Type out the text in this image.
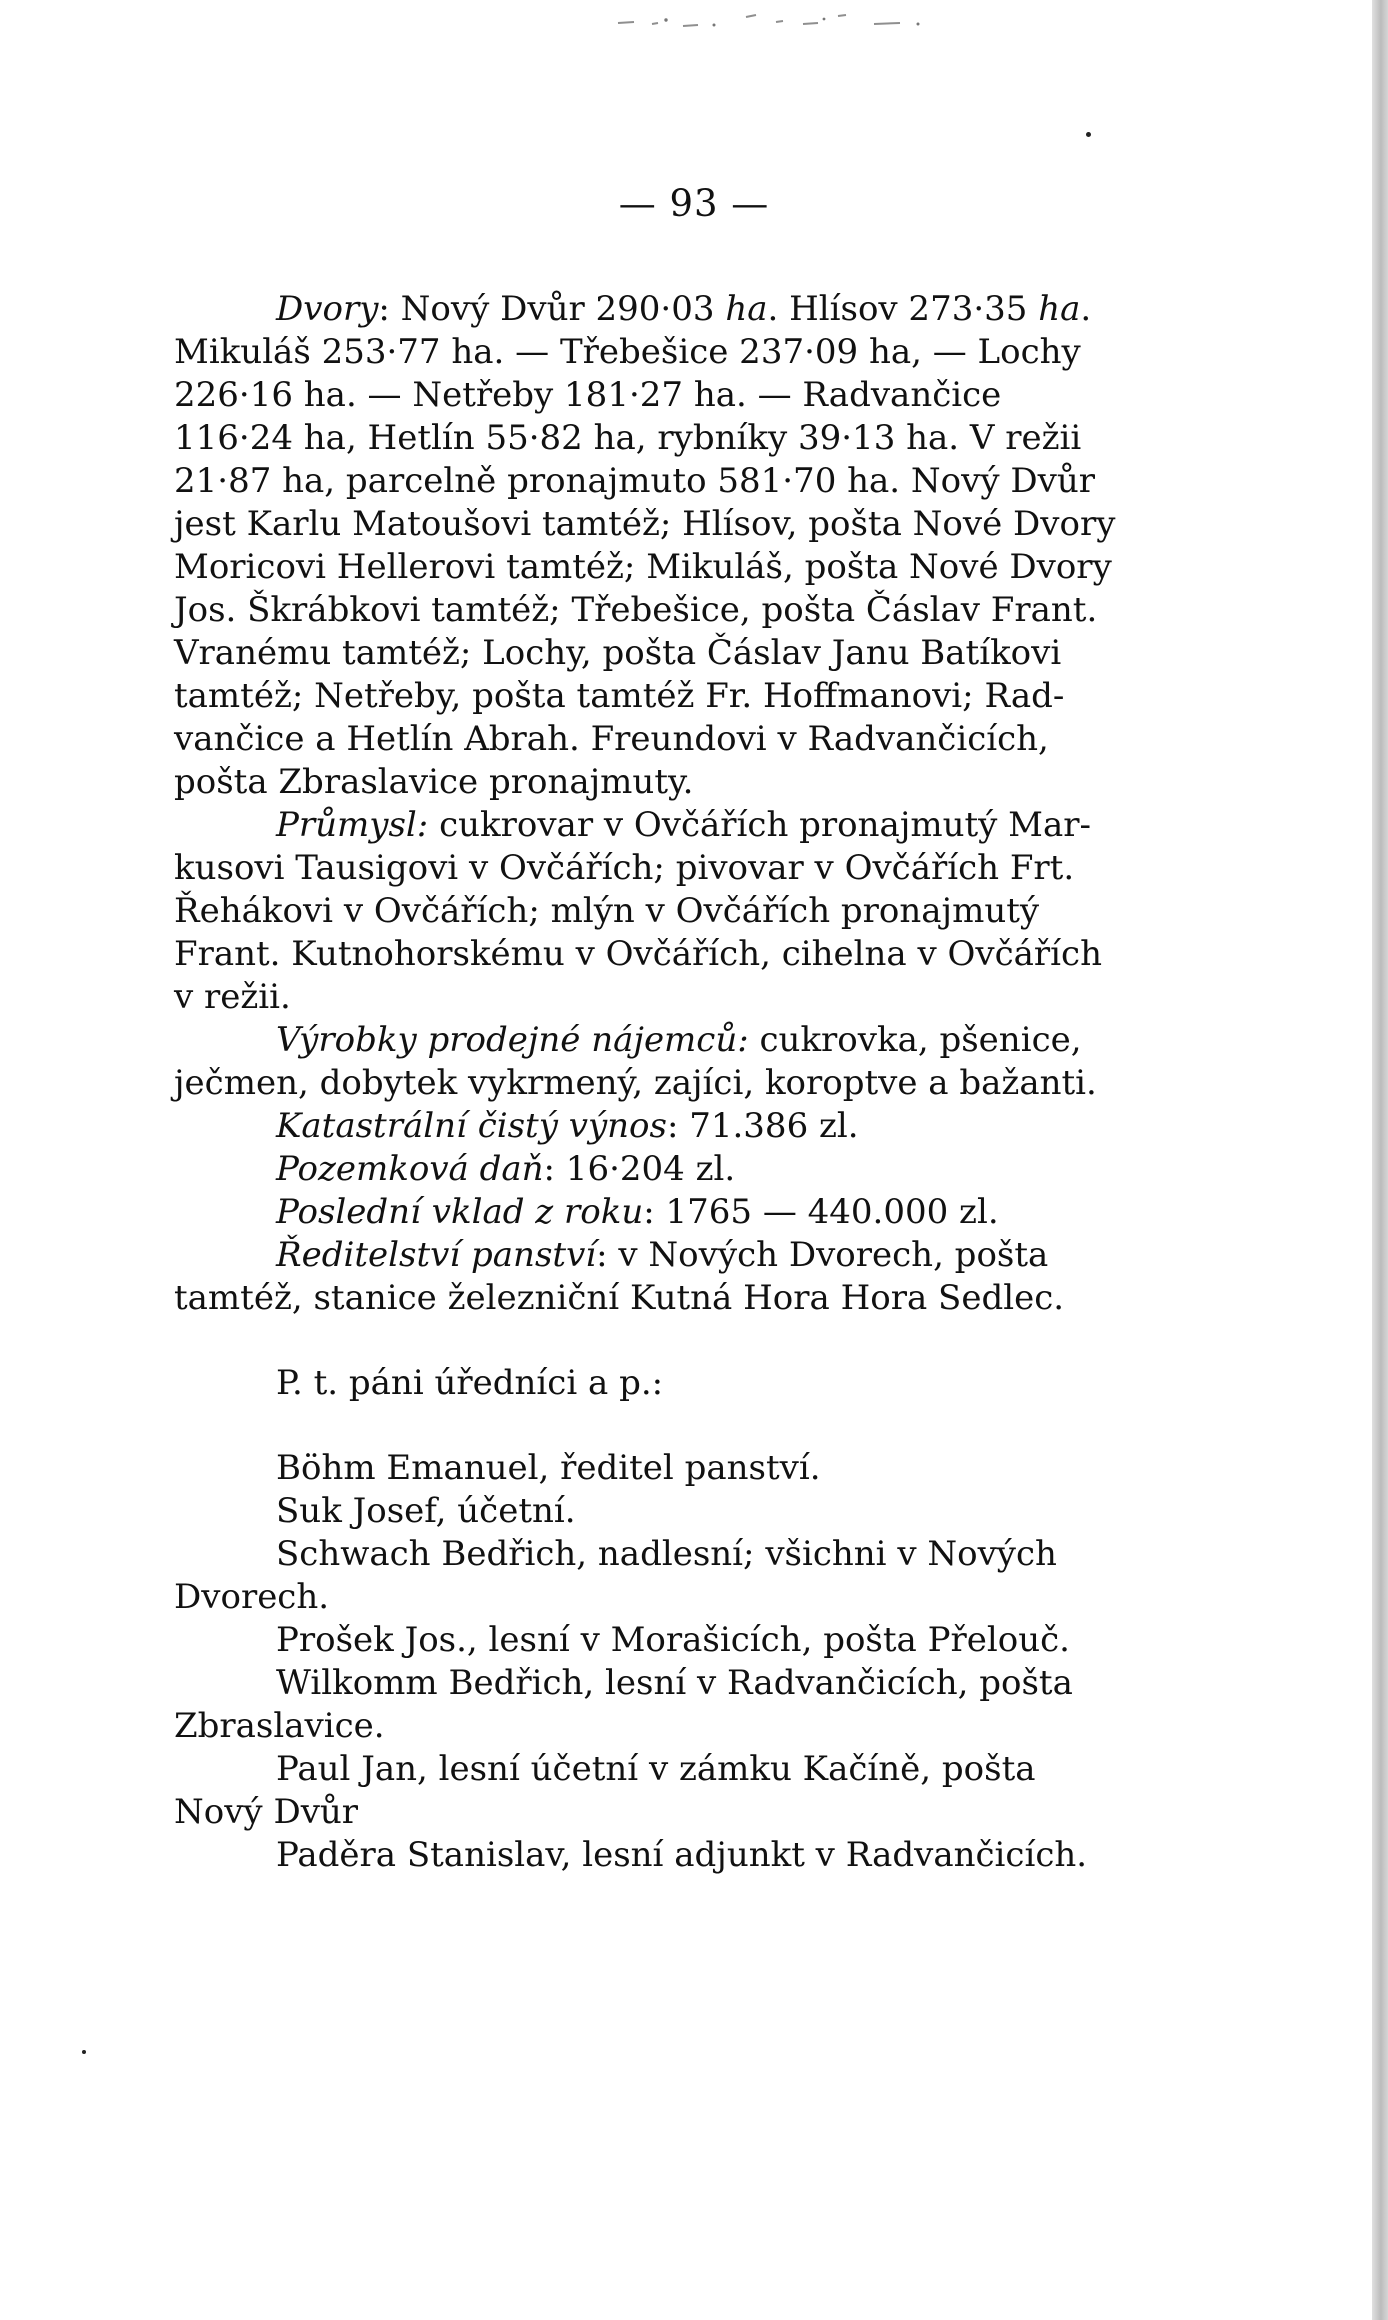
— 93 —
Dvory: Nový Dvůr 290·03 ha. Hlísov 273·35 ha.
Mikuláš 253·77 ha. — Třebešice 237·09 ha, — Lochy
226·16 ha. — Netřeby 181·27 ha. — Radvančice
116·24 ha, Hetlín 55·82 ha, rybníky 39·13 ha. V režii
21·87 ha, parcelně pronajmuto 581·70 ha. Nový Dvůr
jest Karlu Matoušovi tamtéž; Hlísov, pošta Nové Dvory
Moricovi Hellerovi tamtéž; Mikuláš, pošta Nové Dvory
Jos. Škrábkovi tamtéž; Třebešice, pošta Čáslav Frant.
Vranému tamtéž; Lochy, pošta Čáslav Janu Batíkovi
tamtéž; Netřeby, pošta tamtéž Fr. Hoffmanovi; Rad-
vančice a Hetlín Abrah. Freundovi v Radvančicích,
pošta Zbraslavice pronajmuty.
Průmysl: cukrovar v Ovčářích pronajmutý Mar-
kusovi Tausigovi v Ovčářích; pivovar v Ovčářích Frt.
Řehákovi v Ovčářích; mlýn v Ovčářích pronajmutý
Frant. Kutnohorskému v Ovčářích, cihelna v Ovčářích
v režii.
Výrobky prodejné nájemců: cukrovka, pšenice,
ječmen, dobytek vykrmený, zajíci, koroptve a bažanti.
Katastrální čistý výnos: 71.386 zl.
Pozemková daň: 16·204 zl.
Poslední vklad z roku: 1765 — 440.000 zl.
Ředitelství panství: v Nových Dvorech, pošta
tamtéž, stanice železniční Kutná Hora Hora Sedlec.
P. t. páni úředníci a p.:
Böhm Emanuel, ředitel panství.
Suk Josef, účetní.
Schwach Bedřich, nadlesní; všichni v Nových
Dvorech.
Prošek Jos., lesní v Morašicích, pošta Přelouč.
Wilkomm Bedřich, lesní v Radvančicích, pošta
Zbraslavice.
Paul Jan, lesní účetní v zámku Kačíně, pošta
Nový Dvůr
Paděra Stanislav, lesní adjunkt v Radvančicích.
